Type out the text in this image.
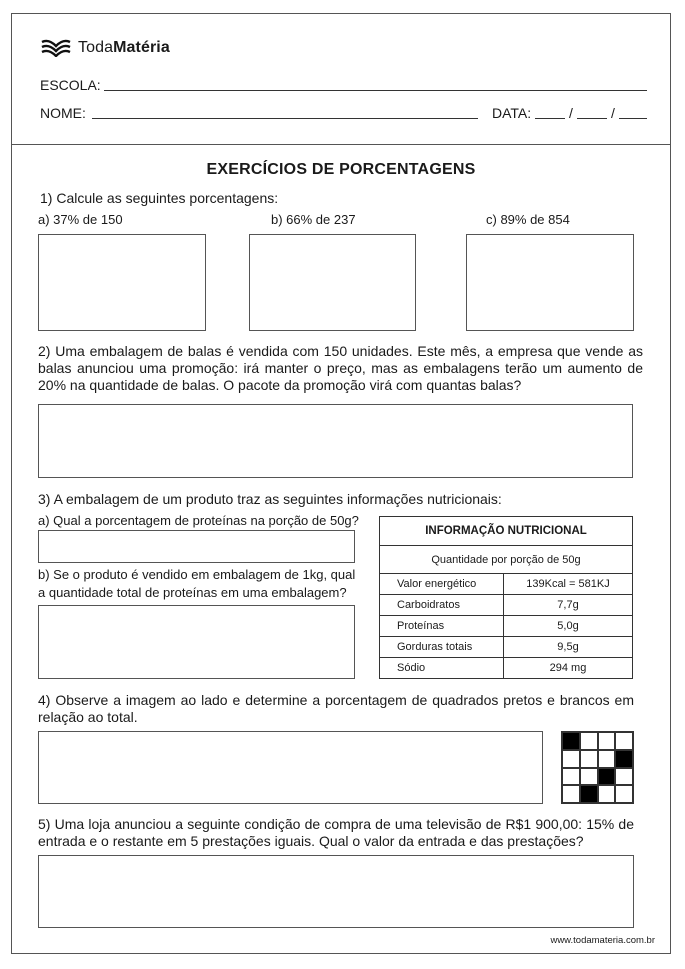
TodaMatéria
ESCOLA:
NOME:	DATA:	/	/
EXERCÍCIOS DE PORCENTAGENS
1) Calcule as seguintes porcentagens:
a) 37% de 150	b) 66% de 237	c) 89% de 854
2) Uma embalagem de balas é vendida com 150 unidades. Este mês, a empresa que vende as balas anunciou uma promoção: irá manter o preço, mas as embalagens terão um aumento de 20% na quantidade de balas. O pacote da promoção virá com quantas balas?
3) A embalagem de um produto traz as seguintes informações nutricionais:
a) Qual a porcentagem de proteínas na porção de 50g?
b) Se o produto é vendido em embalagem de 1kg, qual a quantidade total de proteínas em uma embalagem?
INFORMAÇÃO NUTRICIONAL	
Quantidade por porção de 50g	
Valor energético	139Kcal = 581KJ
Carboidratos	7,7g
Proteínas	5,0g
Gorduras totais	9,5g
Sódio	294 mg
4) Observe a imagem ao lado e determine a porcentagem de quadrados pretos e brancos em relação ao total.
5) Uma loja anunciou a seguinte condição de compra de uma televisão de R$1 900,00: 15% de entrada e o restante em 5 prestações iguais. Qual o valor da entrada e das prestações?
www.todamateria.com.br
